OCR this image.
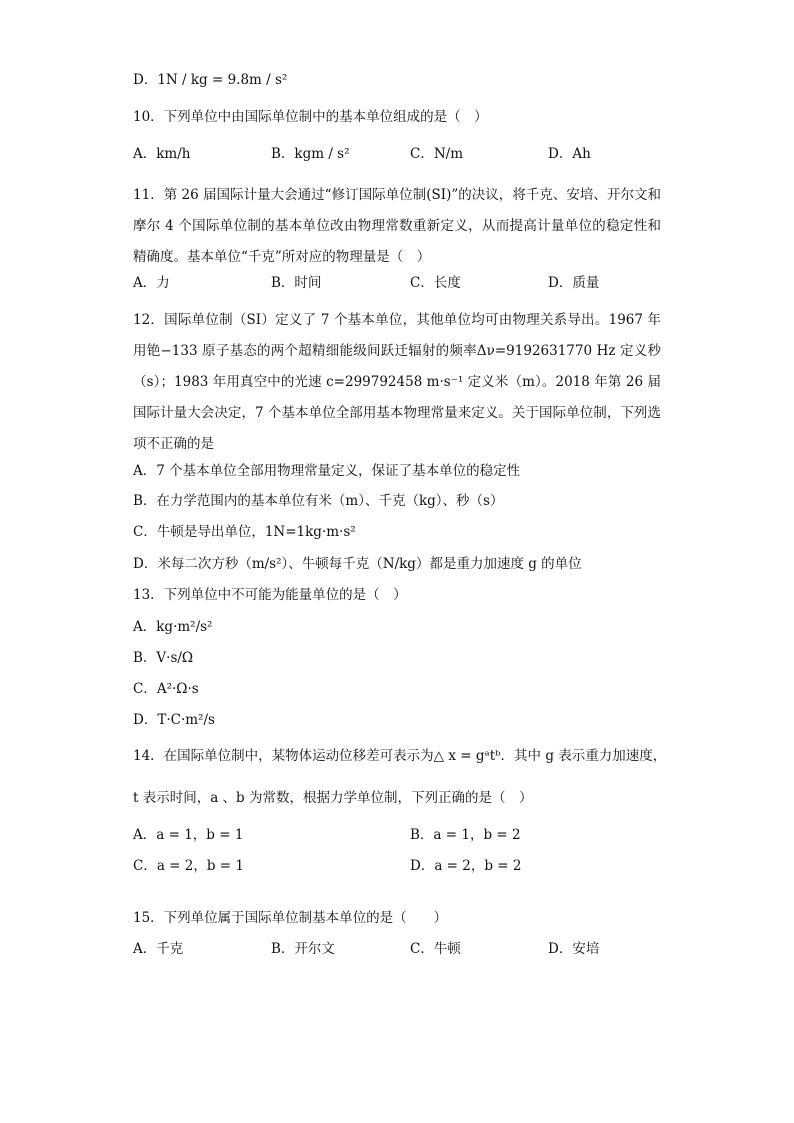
D．1N / kg = 9.8m / s²
10．下列单位中由国际单位制中的基本单位组成的是（　）
A．km/h	B．kgm / s²	C．N/m	D．Ah
11．第 26 届国际计量大会通过“修订国际单位制(SI)”的决议，将千克、安培、开尔文和摩尔 4 个国际单位制的基本单位改由物理常数重新定义，从而提高计量单位的稳定性和精确度。基本单位“千克”所对应的物理量是（　）
A．力	B．时间	C．长度	D．质量
12．国际单位制（SI）定义了 7 个基本单位，其他单位均可由物理关系导出。1967 年用铯−133 原子基态的两个超精细能级间跃迁辐射的频率Δν=9192631770 Hz 定义秒（s）；1983 年用真空中的光速 c=299792458 m·s⁻¹ 定义米（m）。2018 年第 26 届国际计量大会决定，7 个基本单位全部用基本物理常量来定义。关于国际单位制，下列选项不正确的是
A．7 个基本单位全部用物理常量定义，保证了基本单位的稳定性
B．在力学范围内的基本单位有米（m）、千克（kg）、秒（s）
C．牛顿是导出单位，1N=1kg·m·s²
D．米每二次方秒（m/s²）、牛顿每千克（N/kg）都是重力加速度 g 的单位
13．下列单位中不可能为能量单位的是（　）
A．kg·m²/s²
B．V·s/Ω
C．A²·Ω·s
D．T·C·m²/s
14．在国际单位制中，某物体运动位移差可表示为△ x = gᵃtᵇ．其中 g 表示重力加速度，
t 表示时间，a 、b 为常数，根据力学单位制，下列正确的是（　）
A．a = 1，b = 1	B．a = 1，b = 2
C．a = 2，b = 1	D．a = 2，b = 2
15．下列单位属于国际单位制基本单位的是（　　）
A．千克	B．开尔文	C．牛顿	D．安培
